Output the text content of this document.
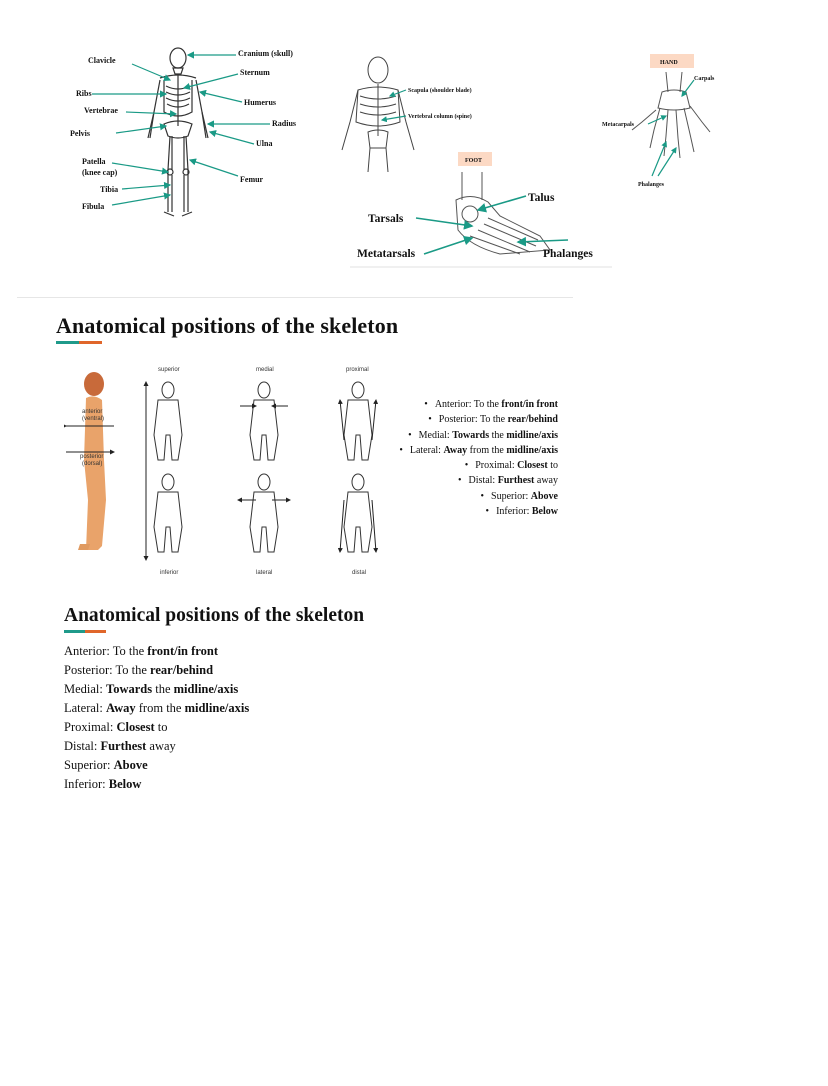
Clavicle
Ribs
Vertebrae
Pelvis
Patella
(knee cap)
Tibia
Fibula
Cranium (skull)
Sternum
Humerus
Radius
Ulna
Femur
Scapula (shoulder blade)
Vertebral column (spine)
HAND
Carpals
Metacarpals
Phalanges
FOOT
Talus
Tarsals
Metatarsals	Phalanges
Anatomical positions of the skeleton
anterior
(ventral)
posterior
(dorsal)
superior	medial	proximal
inferior	lateral	distal
• Anterior: To the front/in front
• Posterior: To the rear/behind
• Medial: Towards the midline/axis
• Lateral: Away from the midline/axis
• Proximal: Closest to
• Distal: Furthest away
• Superior: Above
• Inferior: Below
Anatomical positions of the skeleton
Anterior: To the front/in front
Posterior: To the rear/behind
Medial: Towards the midline/axis
Lateral: Away from the midline/axis
Proximal: Closest to
Distal: Furthest away
Superior: Above
Inferior: Below
